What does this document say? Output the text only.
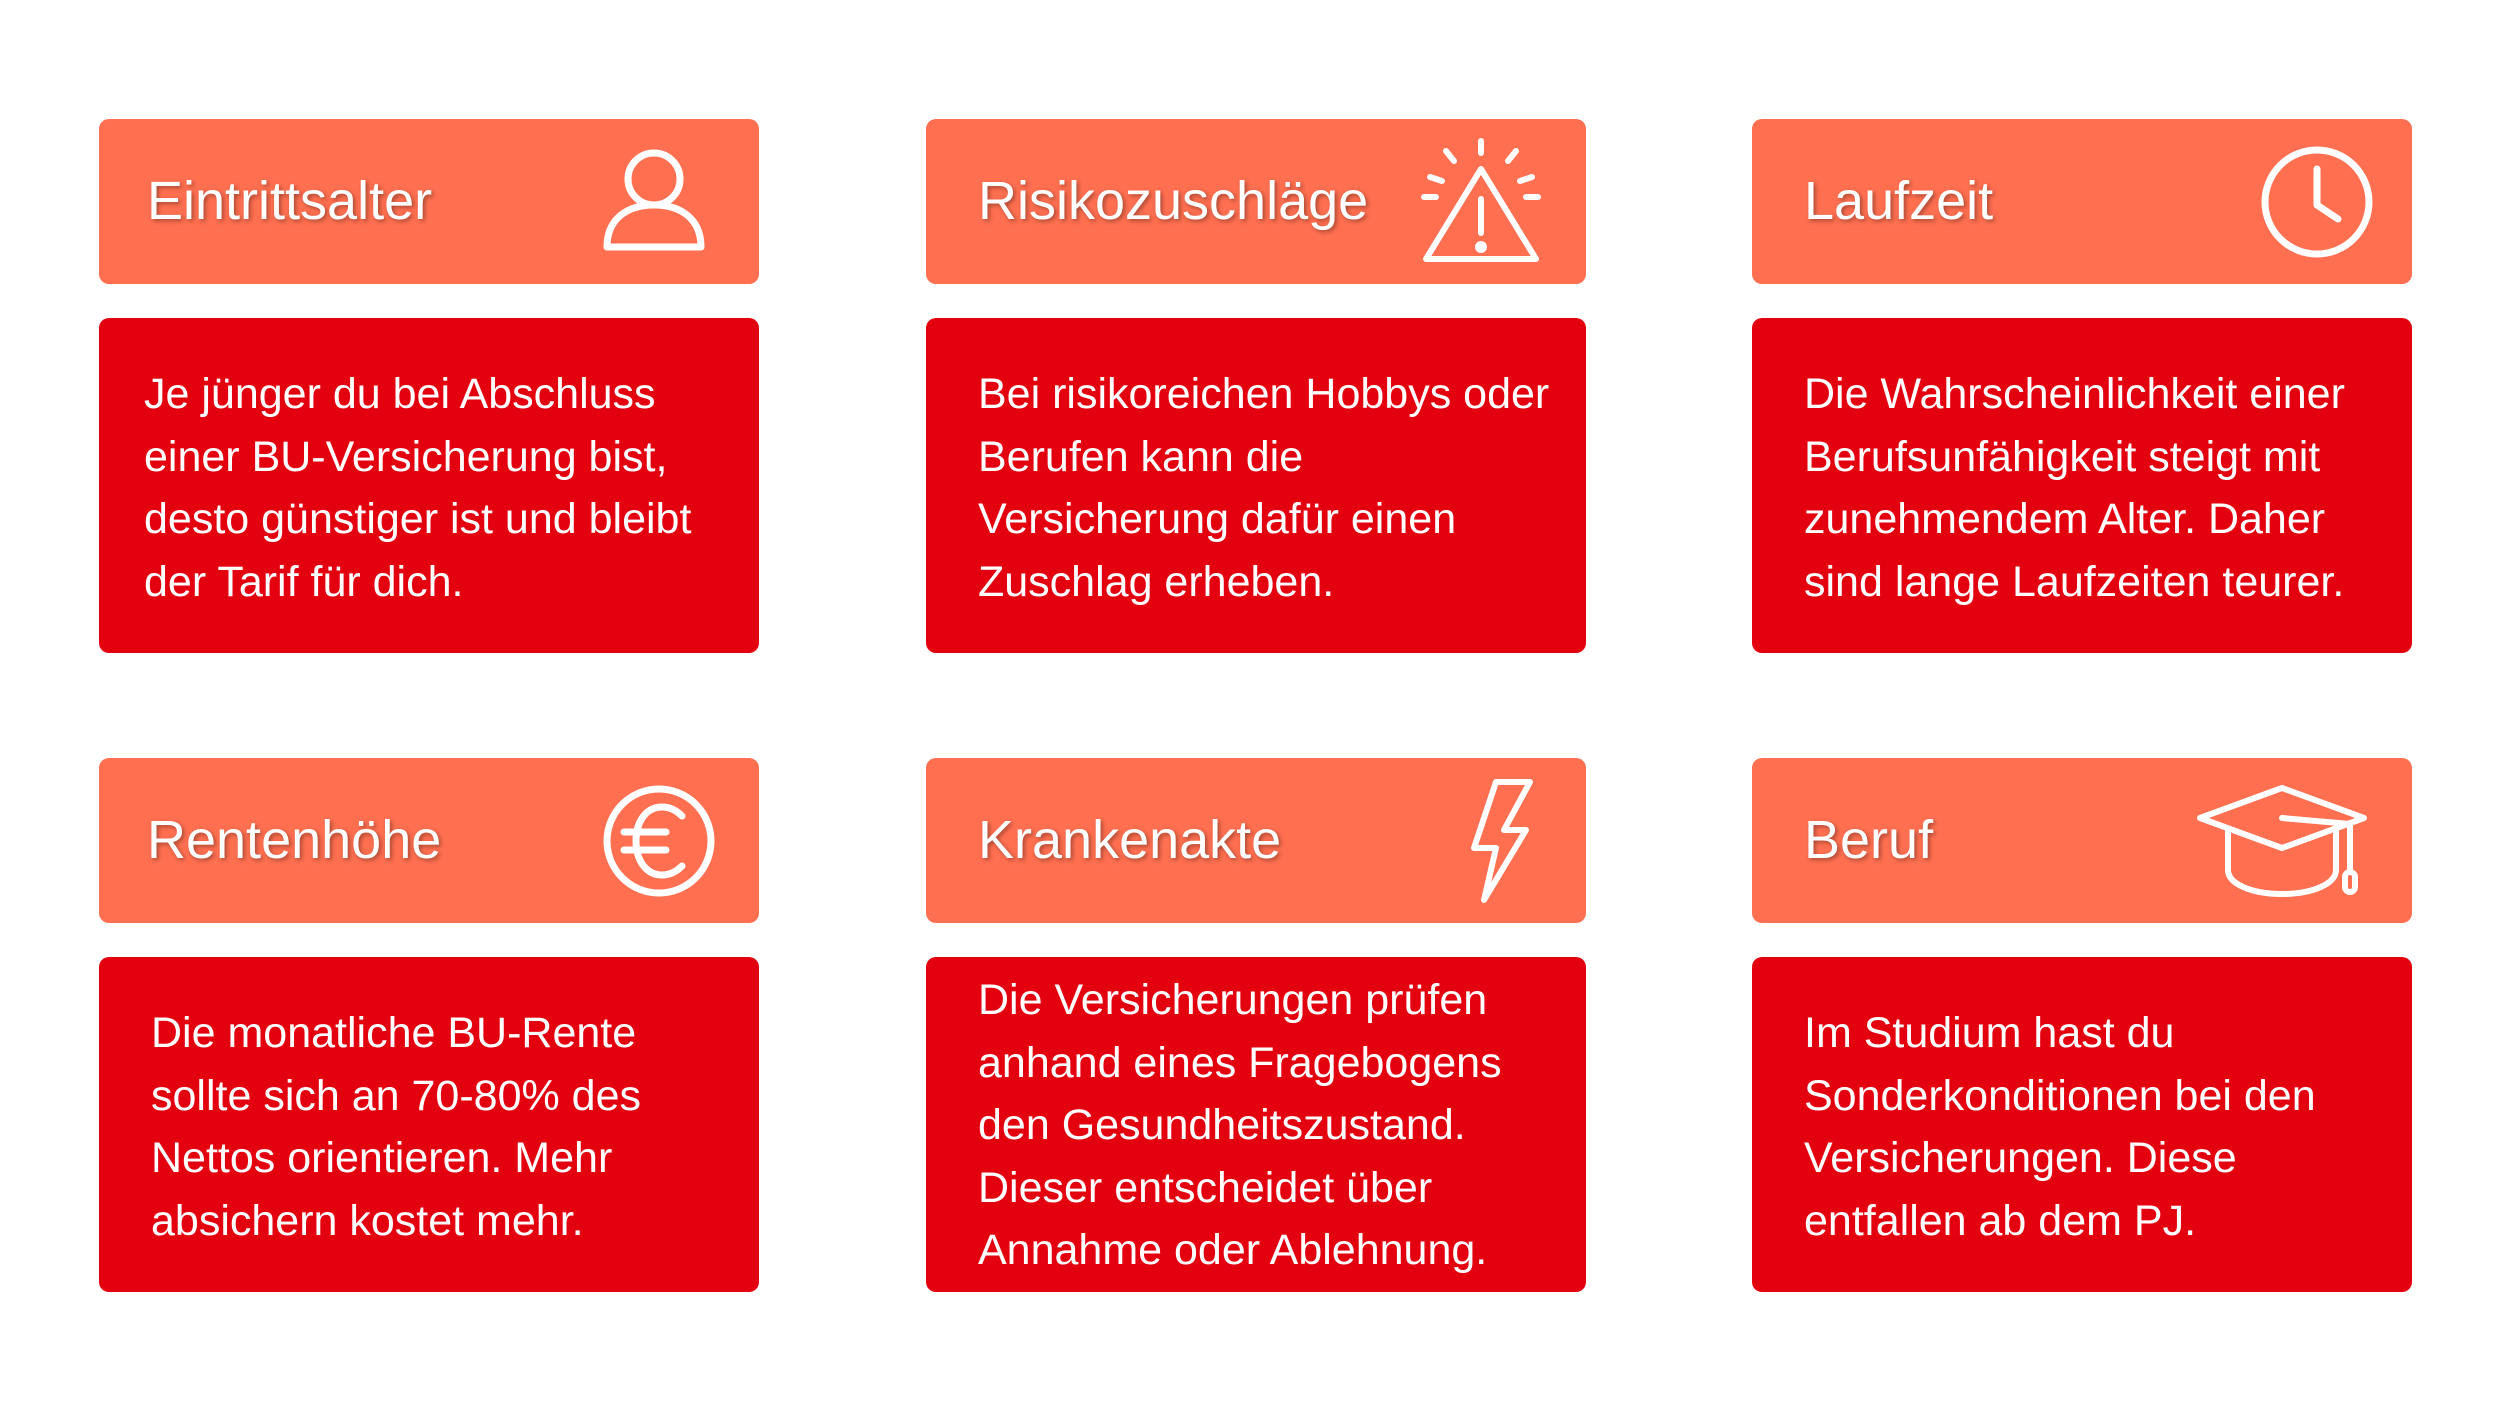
Eintrittsalter
Je jünger du bei Abschluss einer BU-Versicherung bist, desto günstiger ist und bleibt der Tarif für dich.
Risikozuschläge
Bei risikoreichen Hobbys oder Berufen kann die Versicherung dafür einen Zuschlag erheben.
Laufzeit
Die Wahrscheinlichkeit einer Berufsunfähigkeit steigt mit zunehmendem Alter. Daher sind lange Laufzeiten teurer.
Rentenhöhe
Die monatliche BU-Rente sollte sich an 70-80% des Nettos orientieren. Mehr absichern kostet mehr.
Krankenakte
Die Versicherungen prüfen anhand eines Fragebogens den Gesundheitszustand. Dieser entscheidet über Annahme oder Ablehnung.
Beruf
Im Studium hast du Sonderkonditionen bei den Versicherungen. Diese entfallen ab dem PJ.
